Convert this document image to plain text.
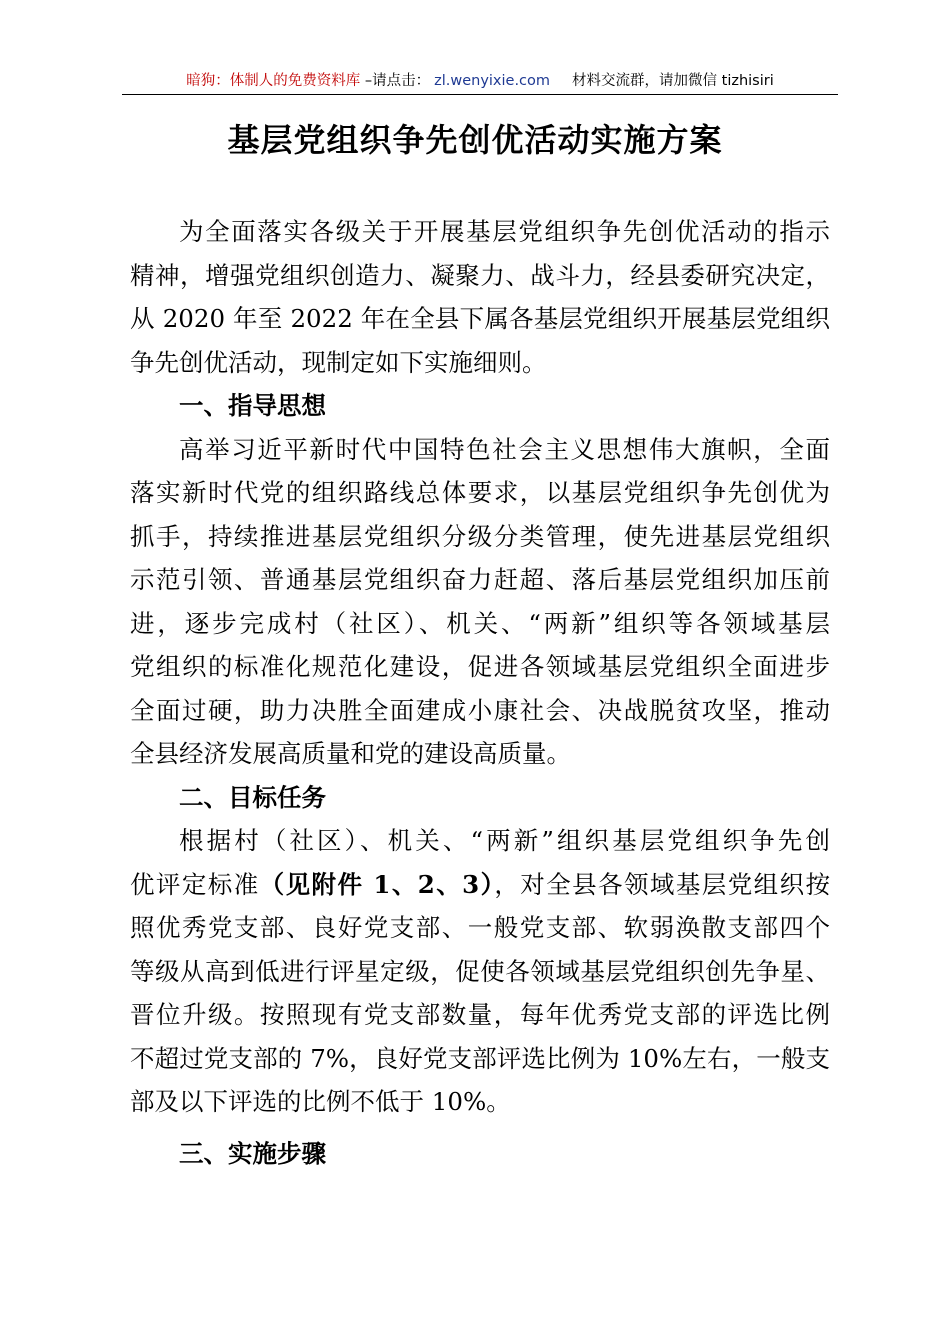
暗狗：体制人的免费资料库 –请点击： zl.wenyixie.com 材料交流群，请加微信 tizhisiri
基层党组织争先创优活动实施方案
为全面落实各级关于开展基层党组织争先创优活动的指示
精神，增强党组织创造力、凝聚力、战斗力，经县委研究决定，
从 2020 年至 2022 年在全县下属各基层党组织开展基层党组织
争先创优活动，现制定如下实施细则。
一、指导思想
高举习近平新时代中国特色社会主义思想伟大旗帜，全面
落实新时代党的组织路线总体要求，以基层党组织争先创优为
抓手，持续推进基层党组织分级分类管理，使先进基层党组织
示范引领、普通基层党组织奋力赶超、落后基层党组织加压前
进，逐步完成村（社区）、机关、“两新”组织等各领域基层
党组织的标准化规范化建设，促进各领域基层党组织全面进步
全面过硬，助力决胜全面建成小康社会、决战脱贫攻坚，推动
全县经济发展高质量和党的建设高质量。
二、目标任务
根据村（社区）、机关、“两新”组织基层党组织争先创
优评定标准（见附件 1、2、3），对全县各领域基层党组织按
照优秀党支部、良好党支部、一般党支部、软弱涣散支部四个
等级从高到低进行评星定级，促使各领域基层党组织创先争星、
晋位升级。按照现有党支部数量，每年优秀党支部的评选比例
不超过党支部的 7%，良好党支部评选比例为 10%左右，一般支
部及以下评选的比例不低于 10%。
三、实施步骤
